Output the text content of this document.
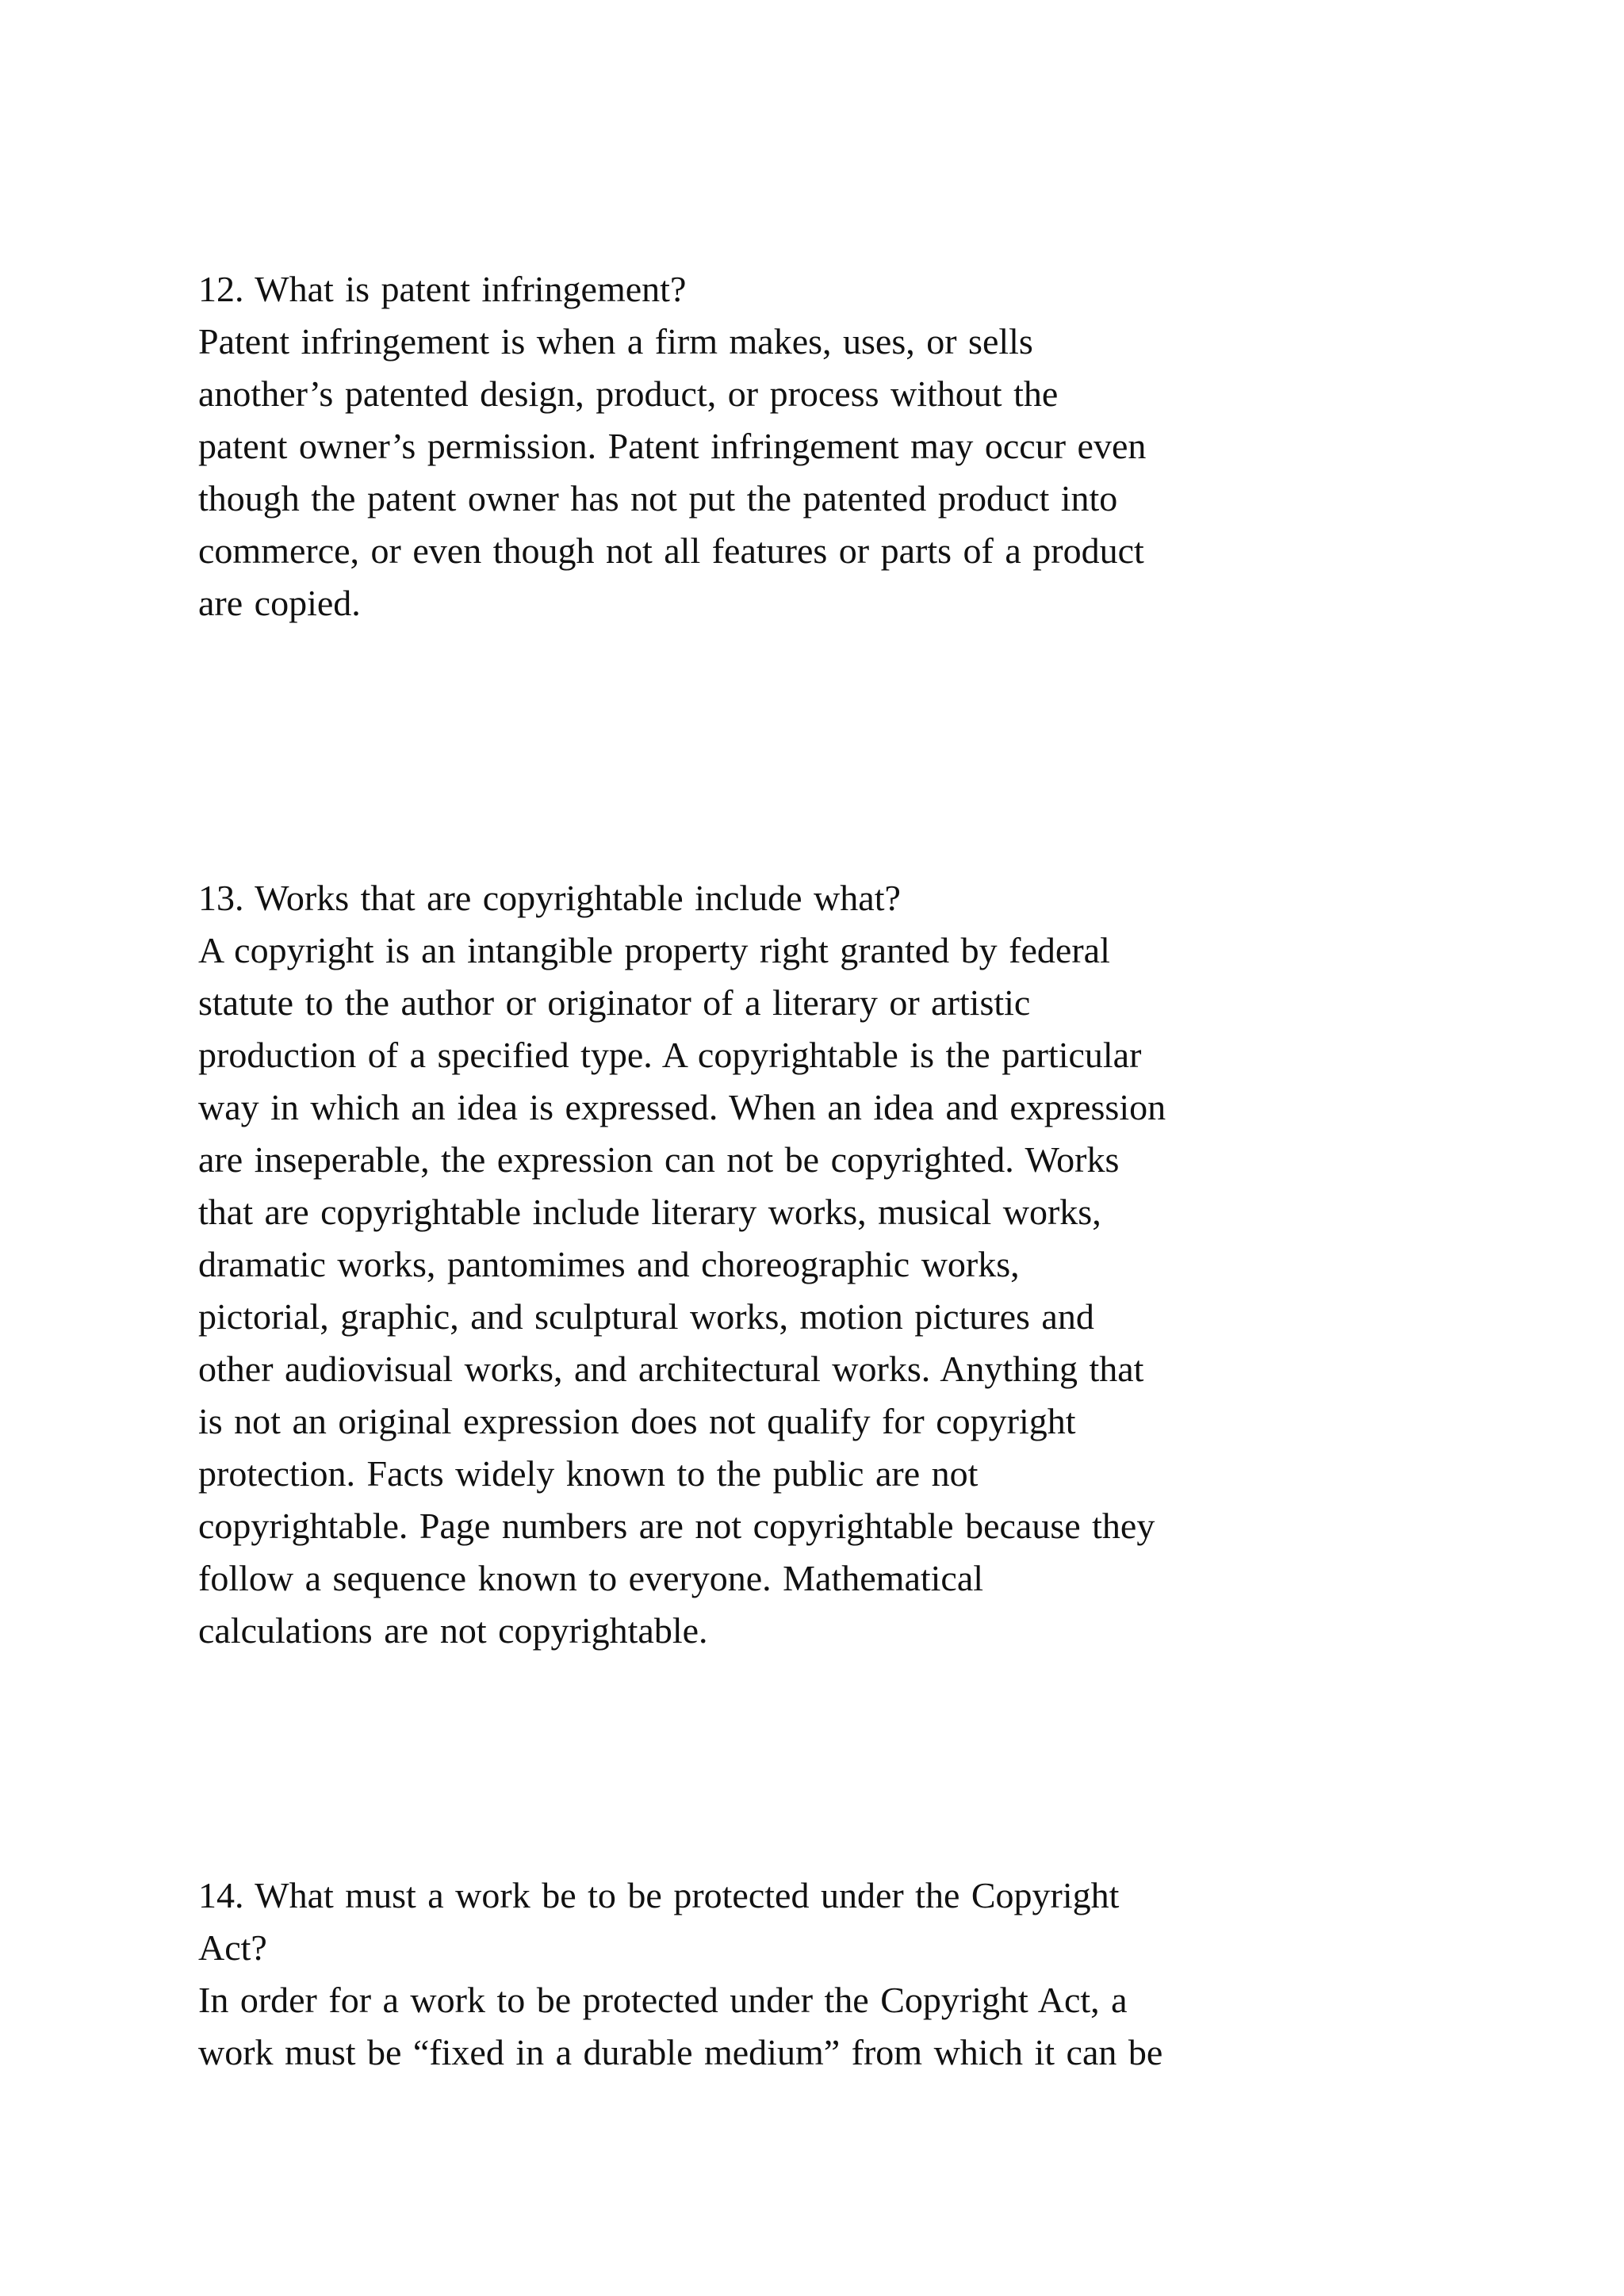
12. What is patent infringement?

Patent infringement is when a firm makes, uses, or sells

another’s patented design, product, or process without the

patent owner’s permission. Patent infringement may occur even

though the patent owner has not put the patented product into

commerce, or even though not all features or parts of a product

are copied.

13. Works that are copyrightable include what?

A copyright is an intangible property right granted by federal

statute to the author or originator of a literary or artistic

production of a specified type. A copyrightable is the particular

way in which an idea is expressed. When an idea and expression

are inseperable, the expression can not be copyrighted. Works

that are copyrightable include literary works, musical works,

dramatic works, pantomimes and choreographic works,

pictorial, graphic, and sculptural works, motion pictures and

other audiovisual works, and architectural works. Anything that

is not an original expression does not qualify for copyright

protection. Facts widely known to the public are not

copyrightable. Page numbers are not copyrightable because they

follow a sequence known to everyone. Mathematical

calculations are not copyrightable.

14. What must a work be to be protected under the Copyright

Act?

In order for a work to be protected under the Copyright Act, a

work must be “fixed in a durable medium” from which it can be
